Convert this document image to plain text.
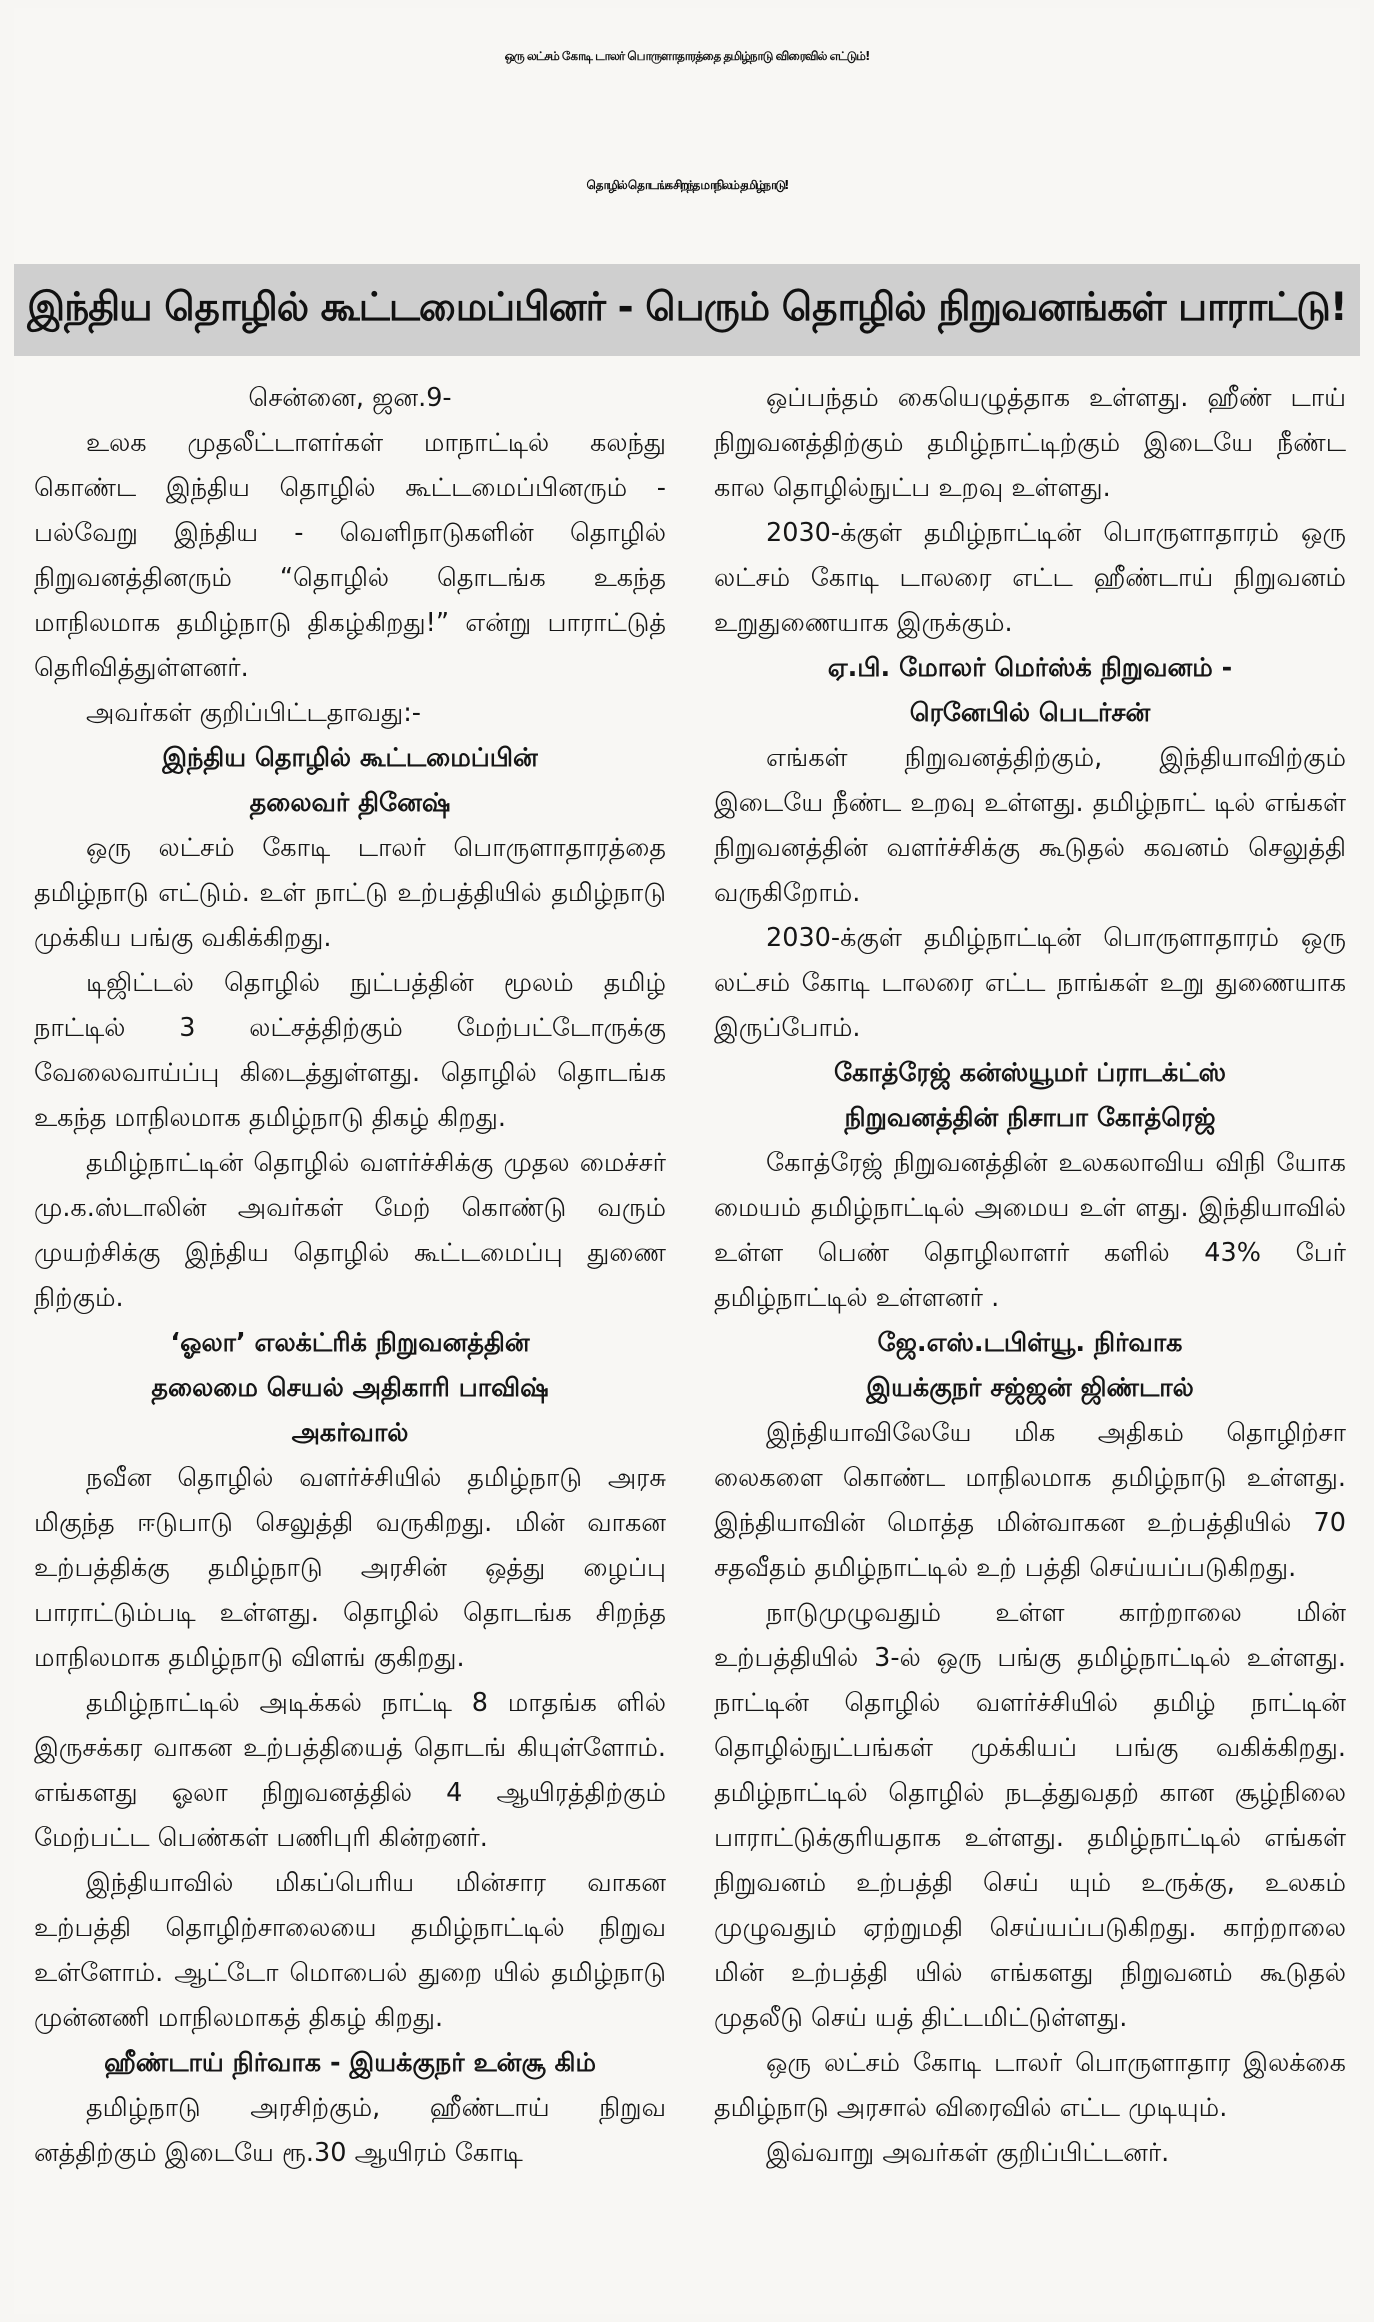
ஒரு லட்சம் கோடி டாலர் பொருளாதாரத்தை தமிழ்நாடு விரைவில் எட்டும்!
தொழில் தொடங்க சிறந்த மாநிலம் தமிழ்நாடு!
இந்திய தொழில் கூட்டமைப்பினர் - பெரும் தொழில் நிறுவனங்கள் பாராட்டு!

சென்னை, ஜன.9-

உலக முதலீட்டாளர்கள் மாநாட்டில் கலந்து கொண்ட இந்திய தொழில் கூட்டமைப்பினரும் - பல்வேறு இந்திய - வெளிநாடுகளின் தொழில் நிறுவனத்தினரும் “தொழில் தொடங்க உகந்த மாநிலமாக தமிழ்நாடு திகழ்கிறது!” என்று பாராட்டுத் தெரிவித்துள்ளனர்.

அவர்கள் குறிப்பிட்டதாவது:-

இந்திய தொழில் கூட்டமைப்பின்

தலைவர் தினேஷ்

ஒரு லட்சம் கோடி டாலர் பொருளாதாரத்தை தமிழ்நாடு எட்டும். உள் நாட்டு உற்பத்தியில் தமிழ்நாடு முக்கிய பங்கு வகிக்கிறது.

டிஜிட்டல் தொழில் நுட்பத்தின் மூலம் தமிழ் நாட்டில் 3 லட்சத்திற்கும் மேற்பட்டோருக்கு வேலைவாய்ப்பு கிடைத்துள்ளது. தொழில் தொடங்க உகந்த மாநிலமாக தமிழ்நாடு திகழ் கிறது.

தமிழ்நாட்டின் தொழில் வளர்ச்சிக்கு முதல மைச்சர் மு.க.ஸ்டாலின் அவர்கள் மேற் கொண்டு வரும் முயற்சிக்கு இந்திய தொழில் கூட்டமைப்பு துணை நிற்கும்.

‘ஓலா’ எலக்ட்ரிக் நிறுவனத்தின்

தலைமை செயல் அதிகாரி பாவிஷ்

அகர்வால்

நவீன தொழில் வளர்ச்சியில் தமிழ்நாடு அரசு மிகுந்த ஈடுபாடு செலுத்தி வருகிறது. மின் வாகன உற்பத்திக்கு தமிழ்நாடு அரசின் ஒத்து ழைப்பு பாராட்டும்படி உள்ளது. தொழில் தொடங்க சிறந்த மாநிலமாக தமிழ்நாடு விளங் குகிறது.

தமிழ்நாட்டில் அடிக்கல் நாட்டி 8 மாதங்க ளில் இருசக்கர வாகன உற்பத்தியைத் தொடங் கியுள்ளோம். எங்களது ஓலா நிறுவனத்தில் 4 ஆயிரத்திற்கும் மேற்பட்ட பெண்கள் பணிபுரி கின்றனர்.

இந்தியாவில் மிகப்பெரிய மின்சார வாகன உற்பத்தி தொழிற்சாலையை தமிழ்நாட்டில் நிறுவ உள்ளோம். ஆட்டோ மொபைல் துறை யில் தமிழ்நாடு முன்னணி மாநிலமாகத் திகழ் கிறது.

ஹீண்டாய் நிர்வாக - இயக்குநர் உன்சூ கிம்

தமிழ்நாடு அரசிற்கும், ஹீண்டாய் நிறுவ னத்திற்கும் இடையே ரூ.30 ஆயிரம் கோடி

ஒப்பந்தம் கையெழுத்தாக உள்ளது. ஹீண் டாய் நிறுவனத்திற்கும் தமிழ்நாட்டிற்கும் இடையே நீண்ட கால தொழில்நுட்ப உறவு உள்ளது.

2030-க்குள் தமிழ்நாட்டின் பொருளாதாரம் ஒரு லட்சம் கோடி டாலரை எட்ட ஹீண்டாய் நிறுவனம் உறுதுணையாக இருக்கும்.

ஏ.பி. மோலர் மெர்ஸ்க் நிறுவனம் -

ரெனேபில் பெடர்சன்

எங்கள் நிறுவனத்திற்கும், இந்தியாவிற்கும் இடையே நீண்ட உறவு உள்ளது. தமிழ்நாட் டில் எங்கள் நிறுவனத்தின் வளர்ச்சிக்கு கூடுதல் கவனம் செலுத்தி வருகிறோம்.

2030-க்குள் தமிழ்நாட்டின் பொருளாதாரம் ஒரு லட்சம் கோடி டாலரை எட்ட நாங்கள் உறு துணையாக இருப்போம்.

கோத்ரேஜ் கன்ஸ்யூமர் ப்ராடக்ட்ஸ்

நிறுவனத்தின் நிசாபா கோத்ரெஜ்

கோத்ரேஜ் நிறுவனத்தின் உலகலாவிய விநி யோக மையம் தமிழ்நாட்டில் அமைய உள் ளது. இந்தியாவில் உள்ள பெண் தொழிலாளர் களில் 43% பேர் தமிழ்நாட்டில் உள்ளனர் .

ஜே.எஸ்.டபிள்யூ. நிர்வாக

இயக்குநர் சஜ்ஜன் ஜிண்டால்

இந்தியாவிலேயே மிக அதிகம் தொழிற்சா லைகளை கொண்ட மாநிலமாக தமிழ்நாடு உள்ளது. இந்தியாவின் மொத்த மின்வாகன உற்பத்தியில் 70 சதவீதம் தமிழ்நாட்டில் உற் பத்தி செய்யப்படுகிறது.

நாடுமுழுவதும் உள்ள காற்றாலை மின் உற்பத்தியில் 3-ல் ஒரு பங்கு தமிழ்நாட்டில் உள்ளது. நாட்டின் தொழில் வளர்ச்சியில் தமிழ் நாட்டின் தொழில்நுட்பங்கள் முக்கியப் பங்கு வகிக்கிறது. தமிழ்நாட்டில் தொழில் நடத்துவதற் கான சூழ்நிலை பாராட்டுக்குரியதாக உள்ளது. தமிழ்நாட்டில் எங்கள் நிறுவனம் உற்பத்தி செய் யும் உருக்கு, உலகம் முழுவதும் ஏற்றுமதி செய்யப்படுகிறது. காற்றாலை மின் உற்பத்தி யில் எங்களது நிறுவனம் கூடுதல் முதலீடு செய் யத் திட்டமிட்டுள்ளது.

ஒரு லட்சம் கோடி டாலர் பொருளாதார இலக்கை தமிழ்நாடு அரசால் விரைவில் எட்ட முடியும்.

இவ்வாறு அவர்கள் குறிப்பிட்டனர்.
